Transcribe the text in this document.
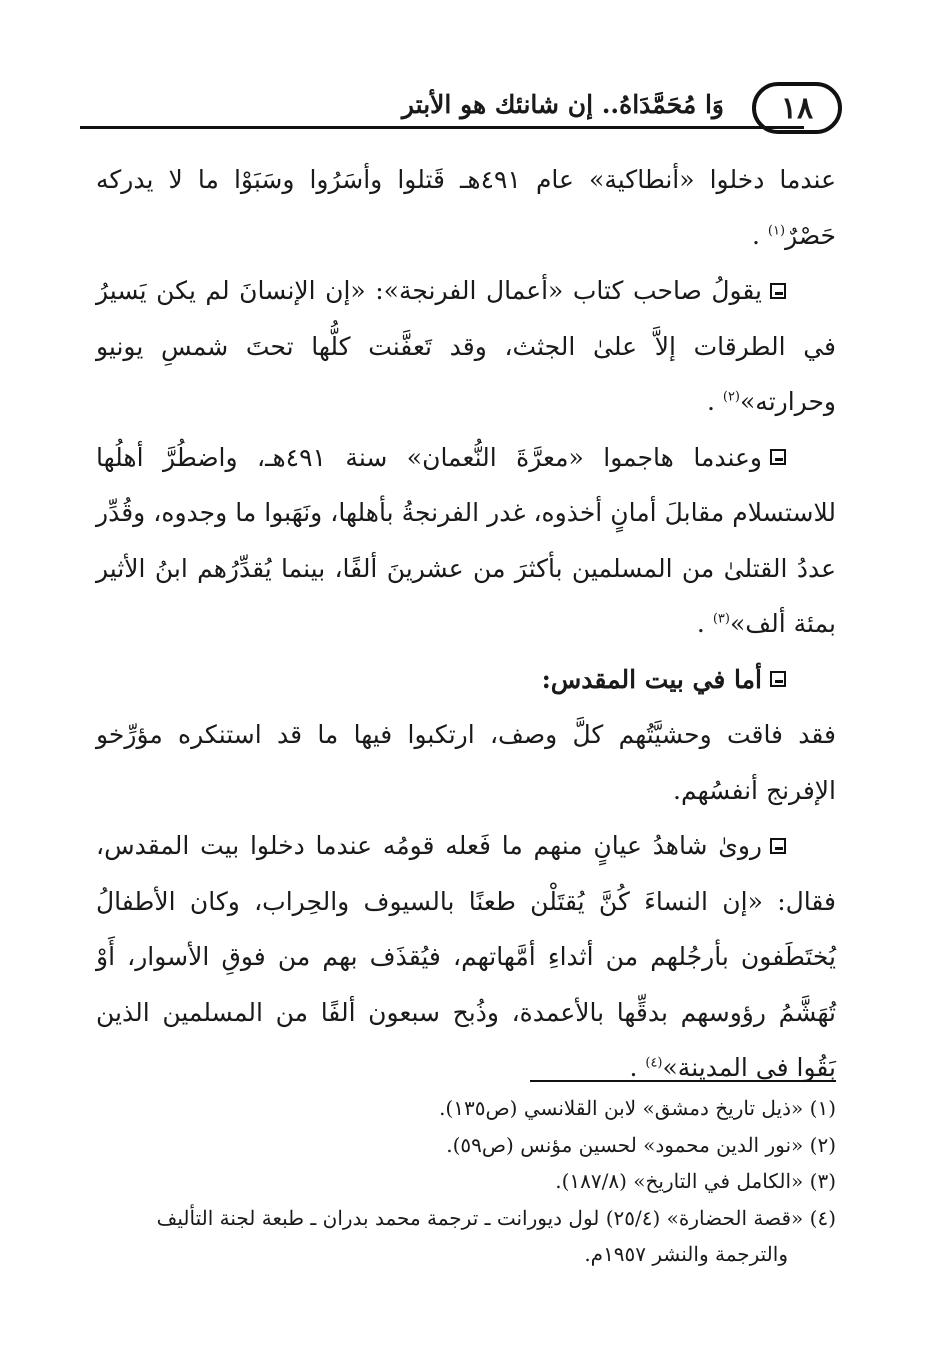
١٨
وَا مُحَمَّدَاهُ.. إن شانئك هو الأبتر

عندما دخلوا «أنطاكية» عام ٤٩١هـ قَتلوا وأسَرُوا وسَبَوْا ما لا يدركه حَصْرٌ$^{(١)}$ .

يقولُ صاحب كتاب «أعمال الفرنجة»: «إن الإنسانَ لم يكن يَسيرُ في الطرقات إلاَّ علىٰ الجثث، وقد تَعفَّنت كلُّها تحتَ شمسِ يونيو وحرارته»$^{(٢)}$ .

وعندما هاجموا «معرَّةَ النُّعمان» سنة ٤٩١هـ، واضطُرَّ أهلُها للاستسلام مقابلَ أمانٍ أخذوه، غدر الفرنجةُ بأهلها، ونَهَبوا ما وجدوه، وقُدِّر عددُ القتلىٰ من المسلمين بأكثرَ من عشرينَ ألفًا، بينما يُقدِّرُهم ابنُ الأثير بمئة ألف»$^{(٣)}$ .

أما في بيت المقدس:

فقد فاقت وحشيَّتُهم كلَّ وصف، ارتكبوا فيها ما قد استنكره مؤرِّخو الإفرنج أنفسُهم.

روىٰ شاهدُ عيانٍ منهم ما فَعله قومُه عندما دخلوا بيت المقدس، فقال: «إن النساءَ كُنَّ يُقتَلْن طعنًا بالسيوف والحِراب، وكان الأطفالُ يُختَطَفون بأرجُلهم من أثداءِ أمَّهاتهم، فيُقذَف بهم من فوقِ الأسوار، أَوْ تُهَشَّمُ رؤوسهم بدقِّها بالأعمدة، وذُبح سبعون ألفًا من المسلمين الذين بَقُوا في المدينة»$^{(٤)}$ .

(١) «ذيل تاريخ دمشق» لابن القلانسي (ص١٣٥).

(٢) «نور الدين محمود» لحسين مؤنس (ص٥٩).

(٣) «الكامل في التاريخ» (١٨٧/٨).

(٤) «قصة الحضارة» (٢٥/٤) لول ديورانت ـ ترجمة محمد بدران ـ طبعة لجنة التأليف

والترجمة والنشر ١٩٥٧م.
